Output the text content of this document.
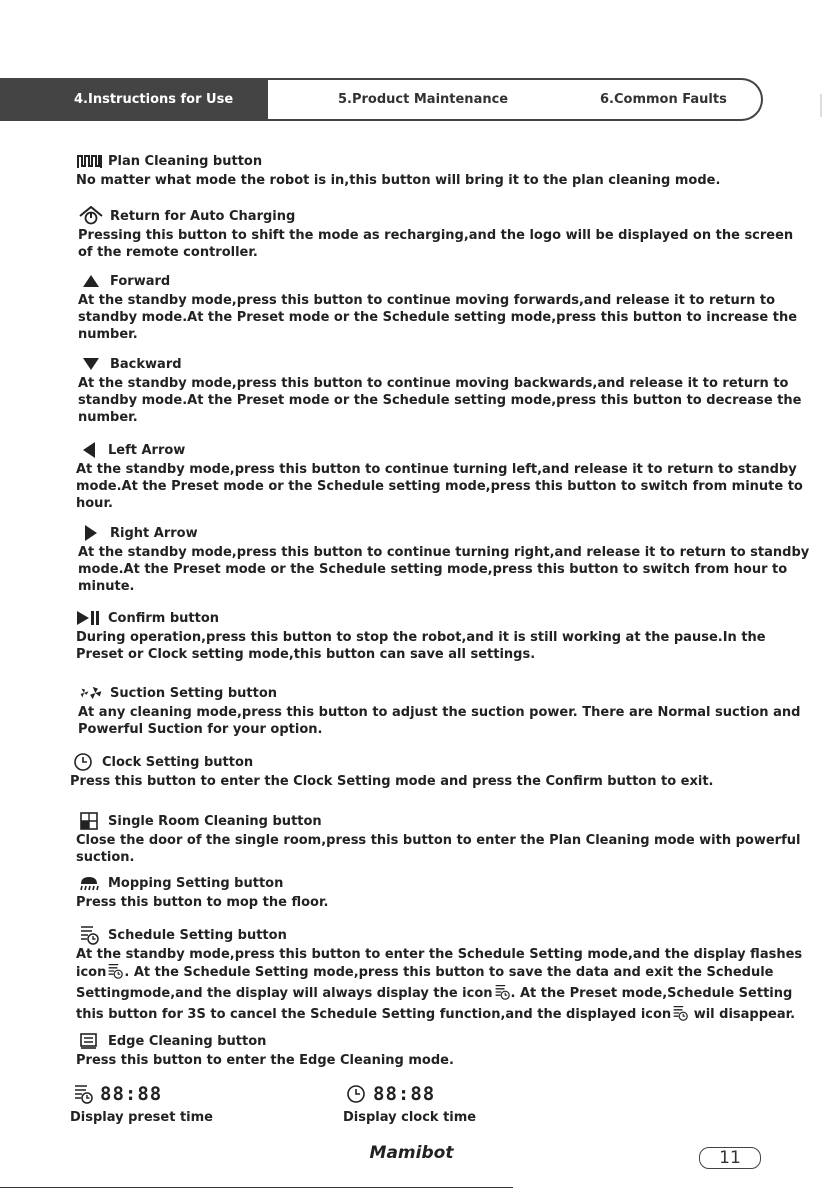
4.Instructions for Use	5.Product Maintenance	6.Common Faults
Plan Cleaning button

No matter what mode the robot is in,this button will bring it to the plan cleaning mode.

Return for Auto Charging

Pressing this button to shift the mode as recharging,and the logo will be displayed on the screen

of the remote controller.

Forward

At the standby mode,press this button to continue moving forwards,and release it to return to

standby mode.At the Preset mode or the Schedule setting mode,press this button to increase the

number.

Backward

At the standby mode,press this button to continue moving backwards,and release it to return to

standby mode.At the Preset mode or the Schedule setting mode,press this button to decrease the

number.

Left Arrow

At the standby mode,press this button to continue turning left,and release it to return to standby

mode.At the Preset mode or the Schedule setting mode,press this button to switch from minute to

hour.

Right Arrow

At the standby mode,press this button to continue turning right,and release it to return to standby

mode.At the Preset mode or the Schedule setting mode,press this button to switch from hour to

minute.

Confirm button

During operation,press this button to stop the robot,and it is still working at the pause.In the

Preset or Clock setting mode,this button can save all settings.

Suction Setting button

At any cleaning mode,press this button to adjust the suction power. There are Normal suction and

Powerful Suction for your option.

Clock Setting button

Press this button to enter the Clock Setting mode and press the Confirm button to exit.

Single Room Cleaning button

Close the door of the single room,press this button to enter the Plan Cleaning mode with powerful

suction.

Mopping Setting button

Press this button to mop the floor.

Schedule Setting button

At the standby mode,press this button to enter the Schedule Setting mode,and the display flashes

icon . At the Schedule Setting mode,press this button to save the data and exit the Schedule

Settingmode,and the display will always display the icon . At the Preset mode,Schedule Setting

this button for 3S to cancel the Schedule Setting function,and the displayed icon wil disappear.

Edge Cleaning button

Press this button to enter the Edge Cleaning mode.

88:88
Display preset time
88:88
Display clock time
Mamibot	11
